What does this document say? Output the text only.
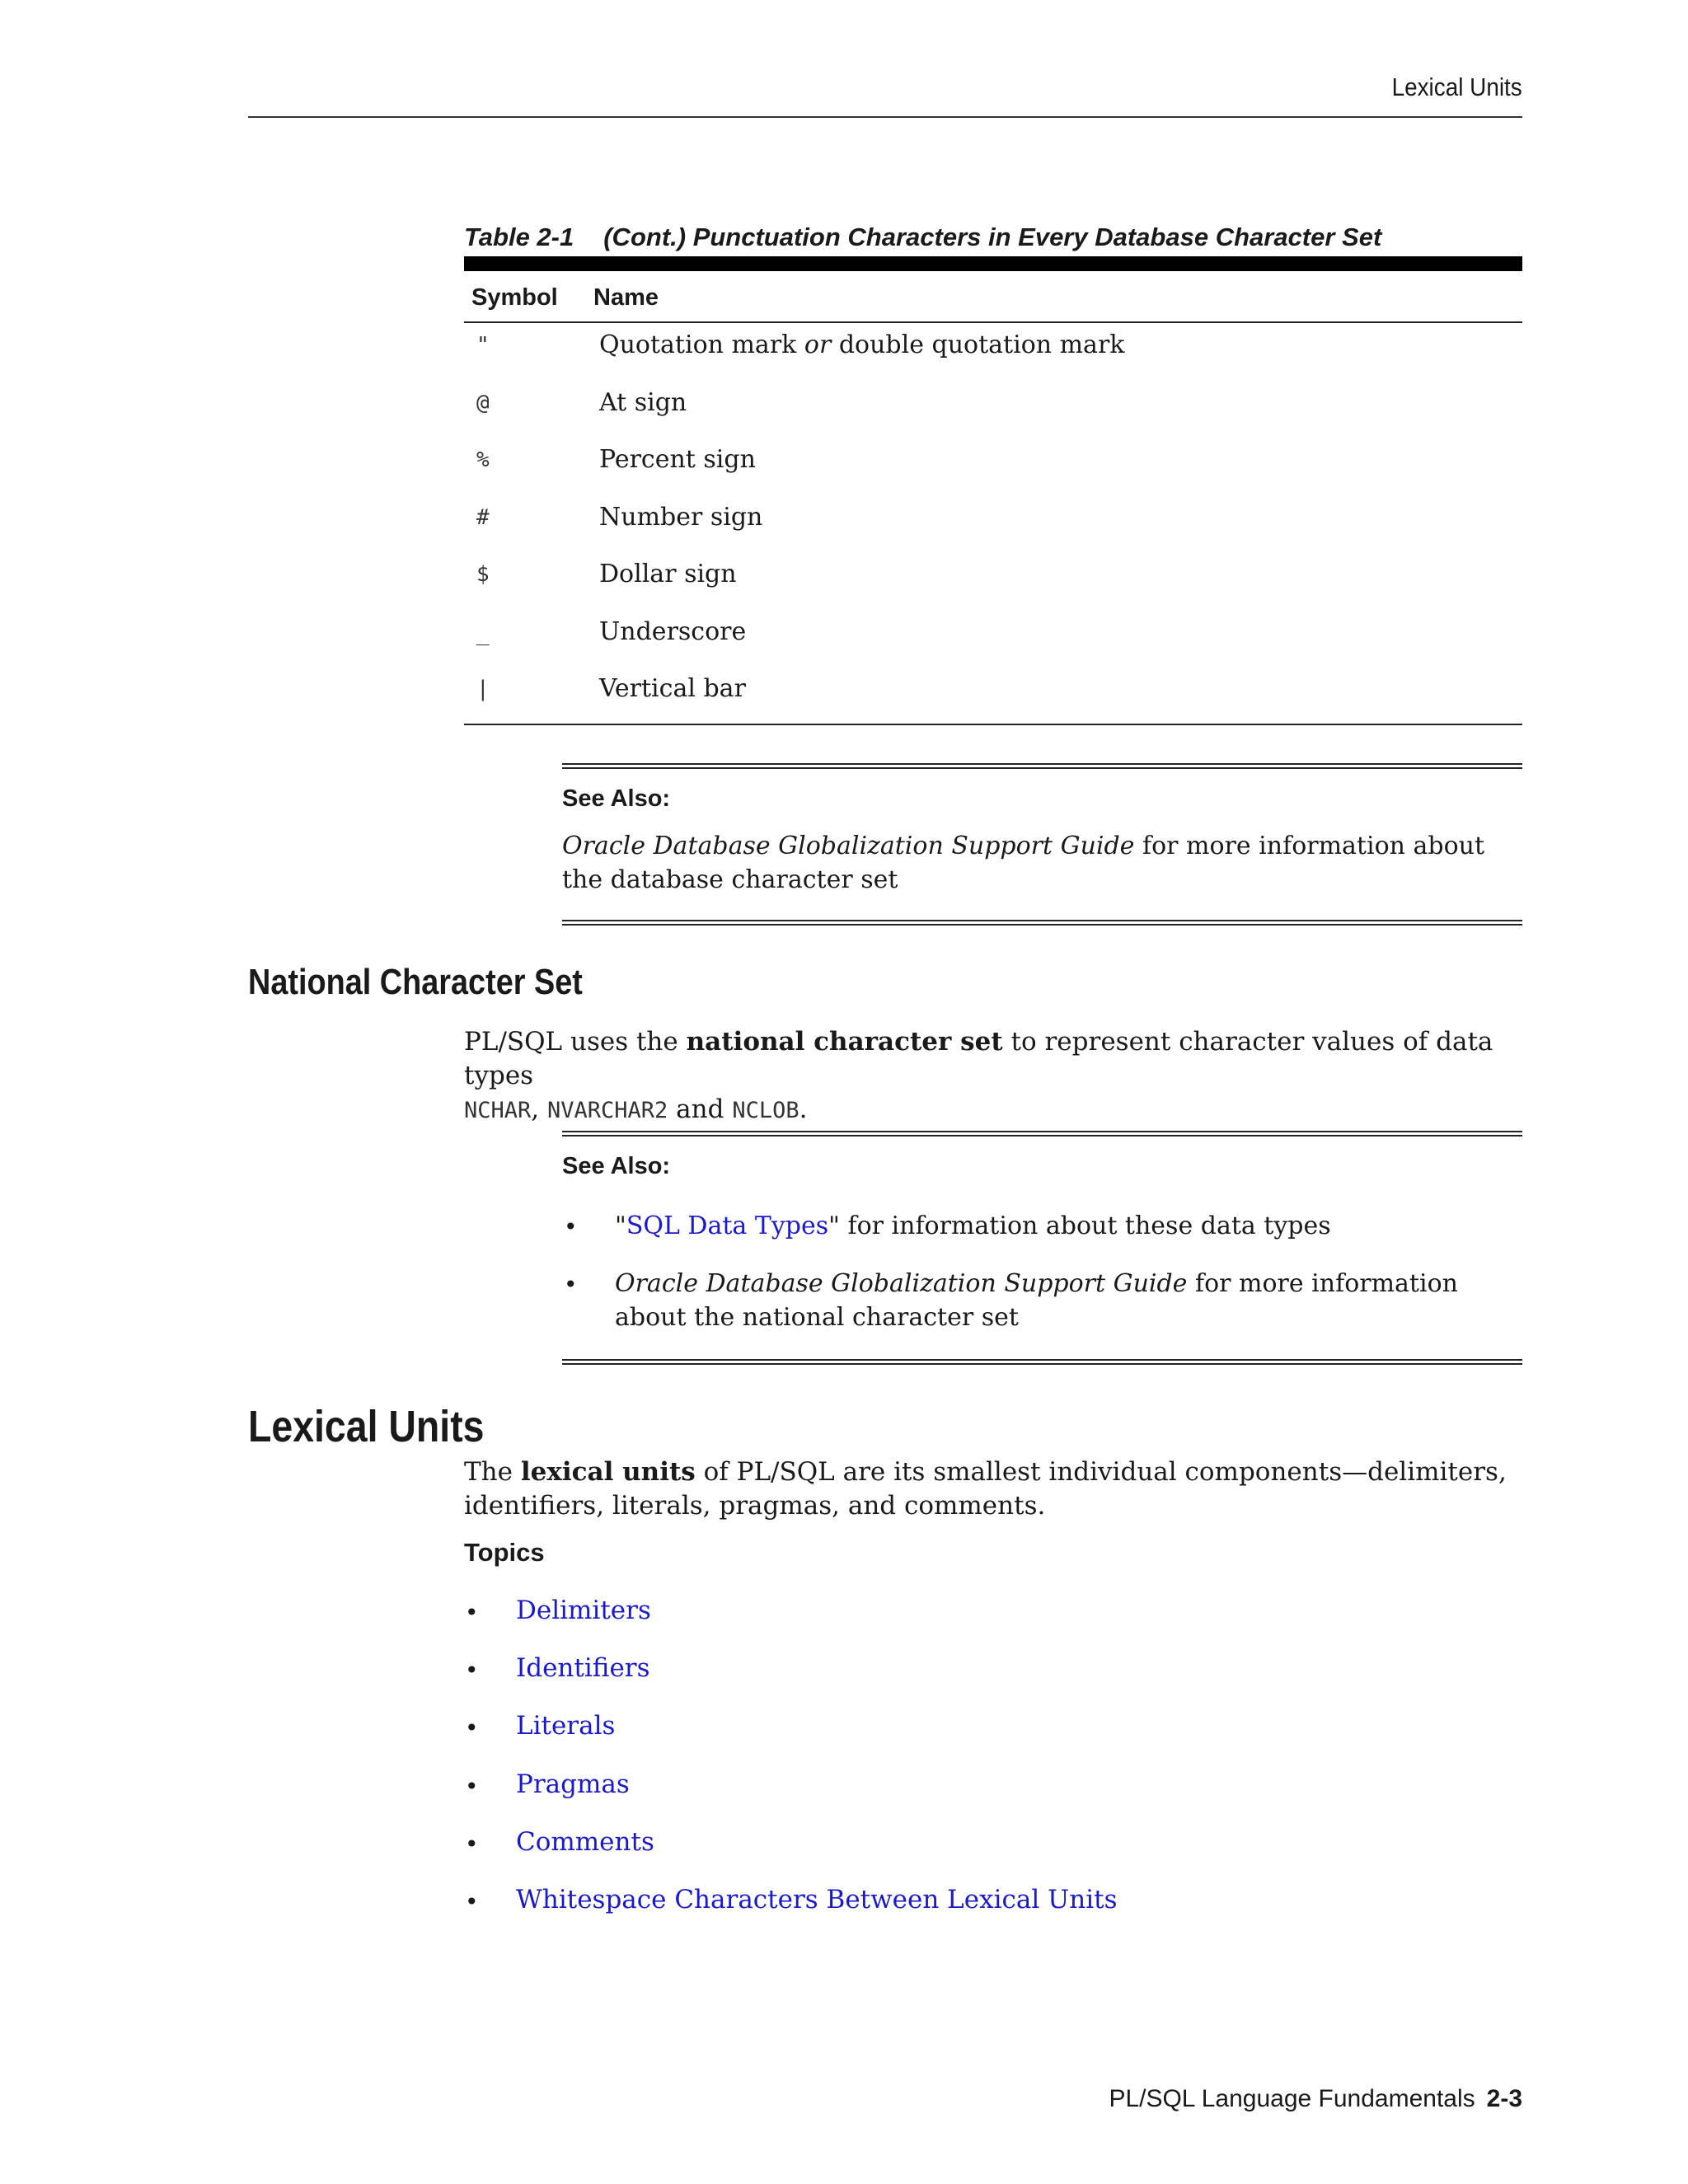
Lexical Units
Table 2-1 (Cont.) Punctuation Characters in Every Database Character Set
Symbol Name
"	Quotation mark or double quotation mark
@	At sign
%	Percent sign
#	Number sign
$	Dollar sign
_	Underscore
|	Vertical bar
See Also:
Oracle Database Globalization Support Guide for more information about the database character set
National Character Set
PL/SQL uses the national character set to represent character values of data types
NCHAR, NVARCHAR2 and NCLOB.
See Also:
• "SQL Data Types" for information about these data types
• Oracle Database Globalization Support Guide for more information about the national character set
Lexical Units
The lexical units of PL/SQL are its smallest individual components—delimiters, identifiers, literals, pragmas, and comments.
Topics
• Delimiters
• Identifiers
• Literals
• Pragmas
• Comments
• Whitespace Characters Between Lexical Units
PL/SQL Language Fundamentals 2-3
